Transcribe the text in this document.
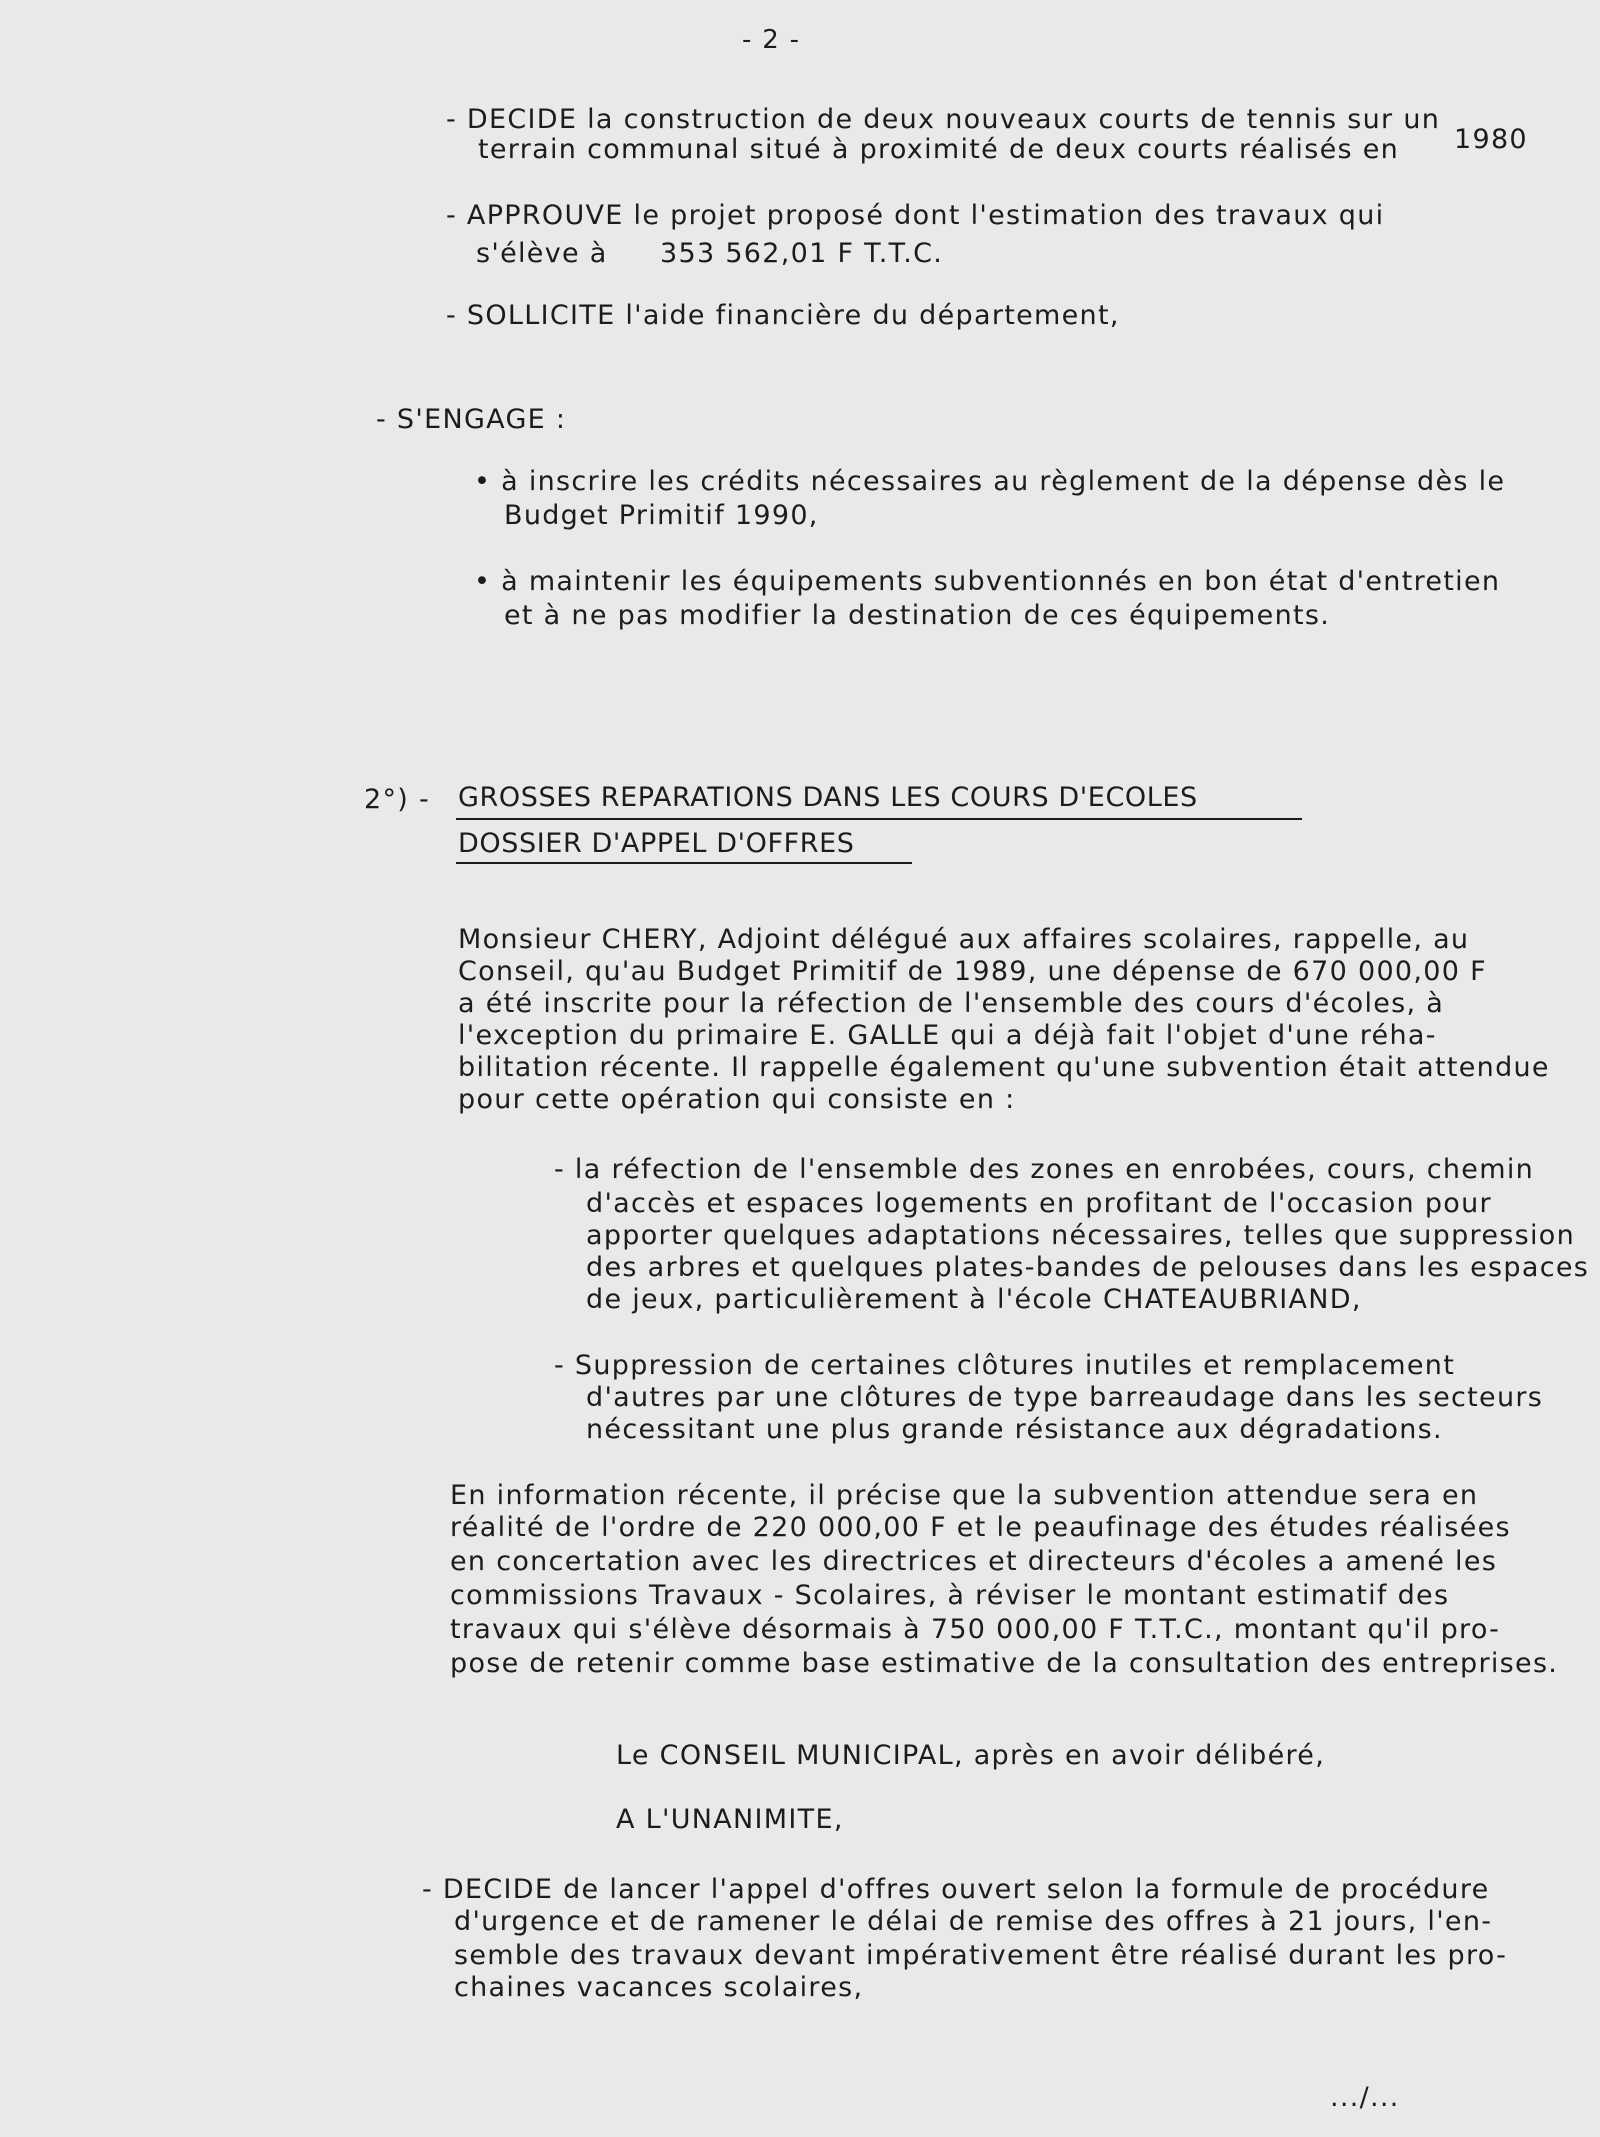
- 2 -
- DECIDE la construction de deux nouveaux courts de tennis sur un
terrain communal situé à proximité de deux courts réalisés en 1980
- APPROUVE le projet proposé dont l'estimation des travaux qui
s'élève à 353 562,01 F T.T.C.
- SOLLICITE l'aide financière du département,
- S'ENGAGE :
• à inscrire les crédits nécessaires au règlement de la dépense dès le
Budget Primitif 1990,
• à maintenir les équipements subventionnés en bon état d'entretien
et à ne pas modifier la destination de ces équipements.
2°) - GROSSES REPARATIONS DANS LES COURS D'ECOLES
DOSSIER D'APPEL D'OFFRES
Monsieur CHERY, Adjoint délégué aux affaires scolaires, rappelle, au
Conseil, qu'au Budget Primitif de 1989, une dépense de 670 000,00 F
a été inscrite pour la réfection de l'ensemble des cours d'écoles, à
l'exception du primaire E. GALLE qui a déjà fait l'objet d'une réha-
bilitation récente. Il rappelle également qu'une subvention était attendue
pour cette opération qui consiste en :
- la réfection de l'ensemble des zones en enrobées, cours, chemin
d'accès et espaces logements en profitant de l'occasion pour
apporter quelques adaptations nécessaires, telles que suppression
des arbres et quelques plates-bandes de pelouses dans les espaces
de jeux, particulièrement à l'école CHATEAUBRIAND,
- Suppression de certaines clôtures inutiles et remplacement
d'autres par une clôtures de type barreaudage dans les secteurs
nécessitant une plus grande résistance aux dégradations.
En information récente, il précise que la subvention attendue sera en
réalité de l'ordre de 220 000,00 F et le peaufinage des études réalisées
en concertation avec les directrices et directeurs d'écoles a amené les
commissions Travaux - Scolaires, à réviser le montant estimatif des
travaux qui s'élève désormais à 750 000,00 F T.T.C., montant qu'il pro-
pose de retenir comme base estimative de la consultation des entreprises.
Le CONSEIL MUNICIPAL, après en avoir délibéré,
A L'UNANIMITE,
- DECIDE de lancer l'appel d'offres ouvert selon la formule de procédure
d'urgence et de ramener le délai de remise des offres à 21 jours, l'en-
semble des travaux devant impérativement être réalisé durant les pro-
chaines vacances scolaires,
.../...
